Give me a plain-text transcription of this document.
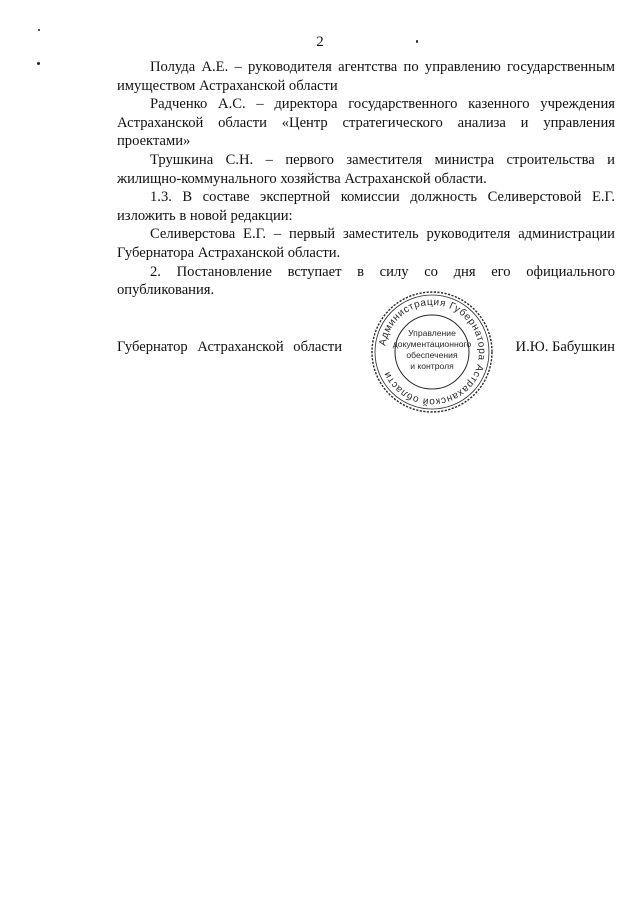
2

Полуда А.Е. – руководителя агентства по управлению государственным имуществом Астраханской области

Радченко А.С. – директора государственного казенного учреждения Астраханской области «Центр стратегического анализа и управления проектами»

Трушкина С.Н. – первого заместителя министра строительства и жилищно-коммунального хозяйства Астраханской области.

1.3. В составе экспертной комиссии должность Селиверстовой Е.Г. изложить в новой редакции:

Селиверстова Е.Г. – первый заместитель руководителя администрации Губернатора Астраханской области.

2. Постановление вступает в силу со дня его официального опубликования.

Губернатор Астраханской области	И.Ю. Бабушкин
Администрация Губернатора Астраханской области
Управление
документационного
обеспечения
и контроля
